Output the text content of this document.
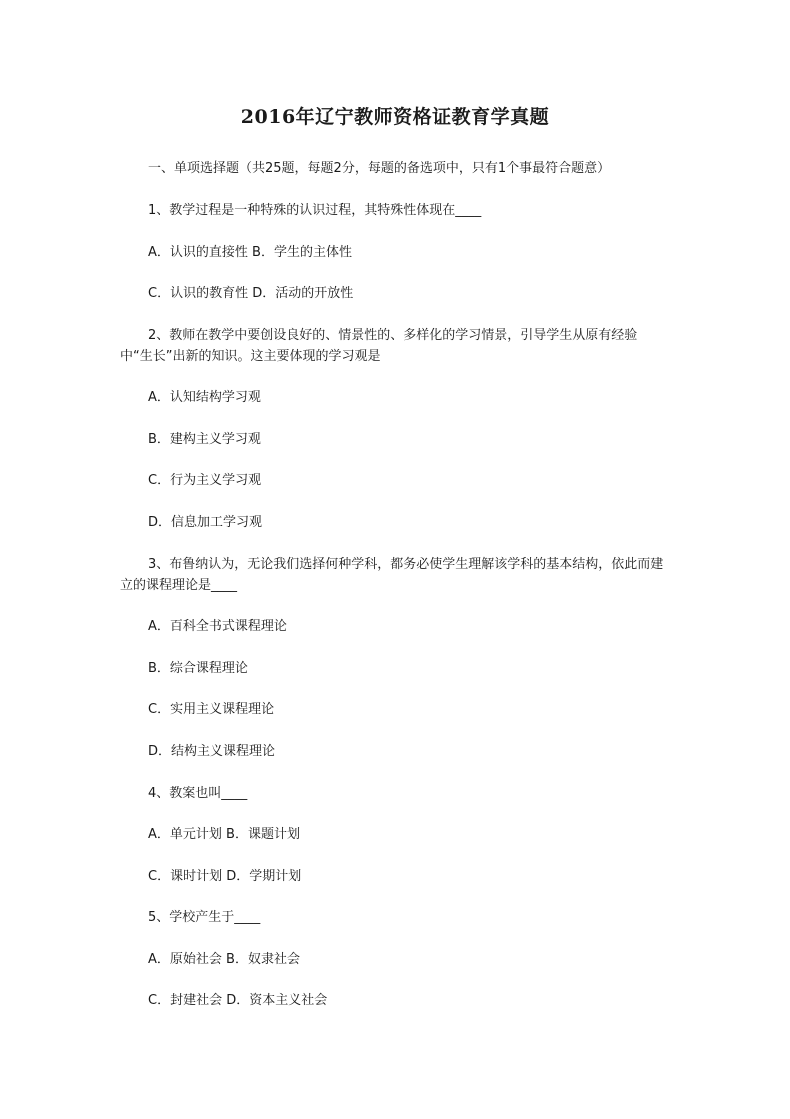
2016年辽宁教师资格证教育学真题
一、单项选择题（共25题，每题2分，每题的备选项中，只有1个事最符合题意）
1、教学过程是一种特殊的认识过程，其特殊性体现在____
A．认识的直接性 B．学生的主体性
C．认识的教育性 D．活动的开放性
2、教师在教学中要创设良好的、情景性的、多样化的学习情景，引导学生从原有经验中“生长”出新的知识。这主要体现的学习观是
A．认知结构学习观
B．建构主义学习观
C．行为主义学习观
D．信息加工学习观
3、布鲁纳认为，无论我们选择何种学科，都务必使学生理解该学科的基本结构，依此而建立的课程理论是____
A．百科全书式课程理论
B．综合课程理论
C．实用主义课程理论
D．结构主义课程理论
4、教案也叫____
A．单元计划 B．课题计划
C．课时计划 D．学期计划
5、学校产生于____
A．原始社会 B．奴隶社会
C．封建社会 D．资本主义社会
